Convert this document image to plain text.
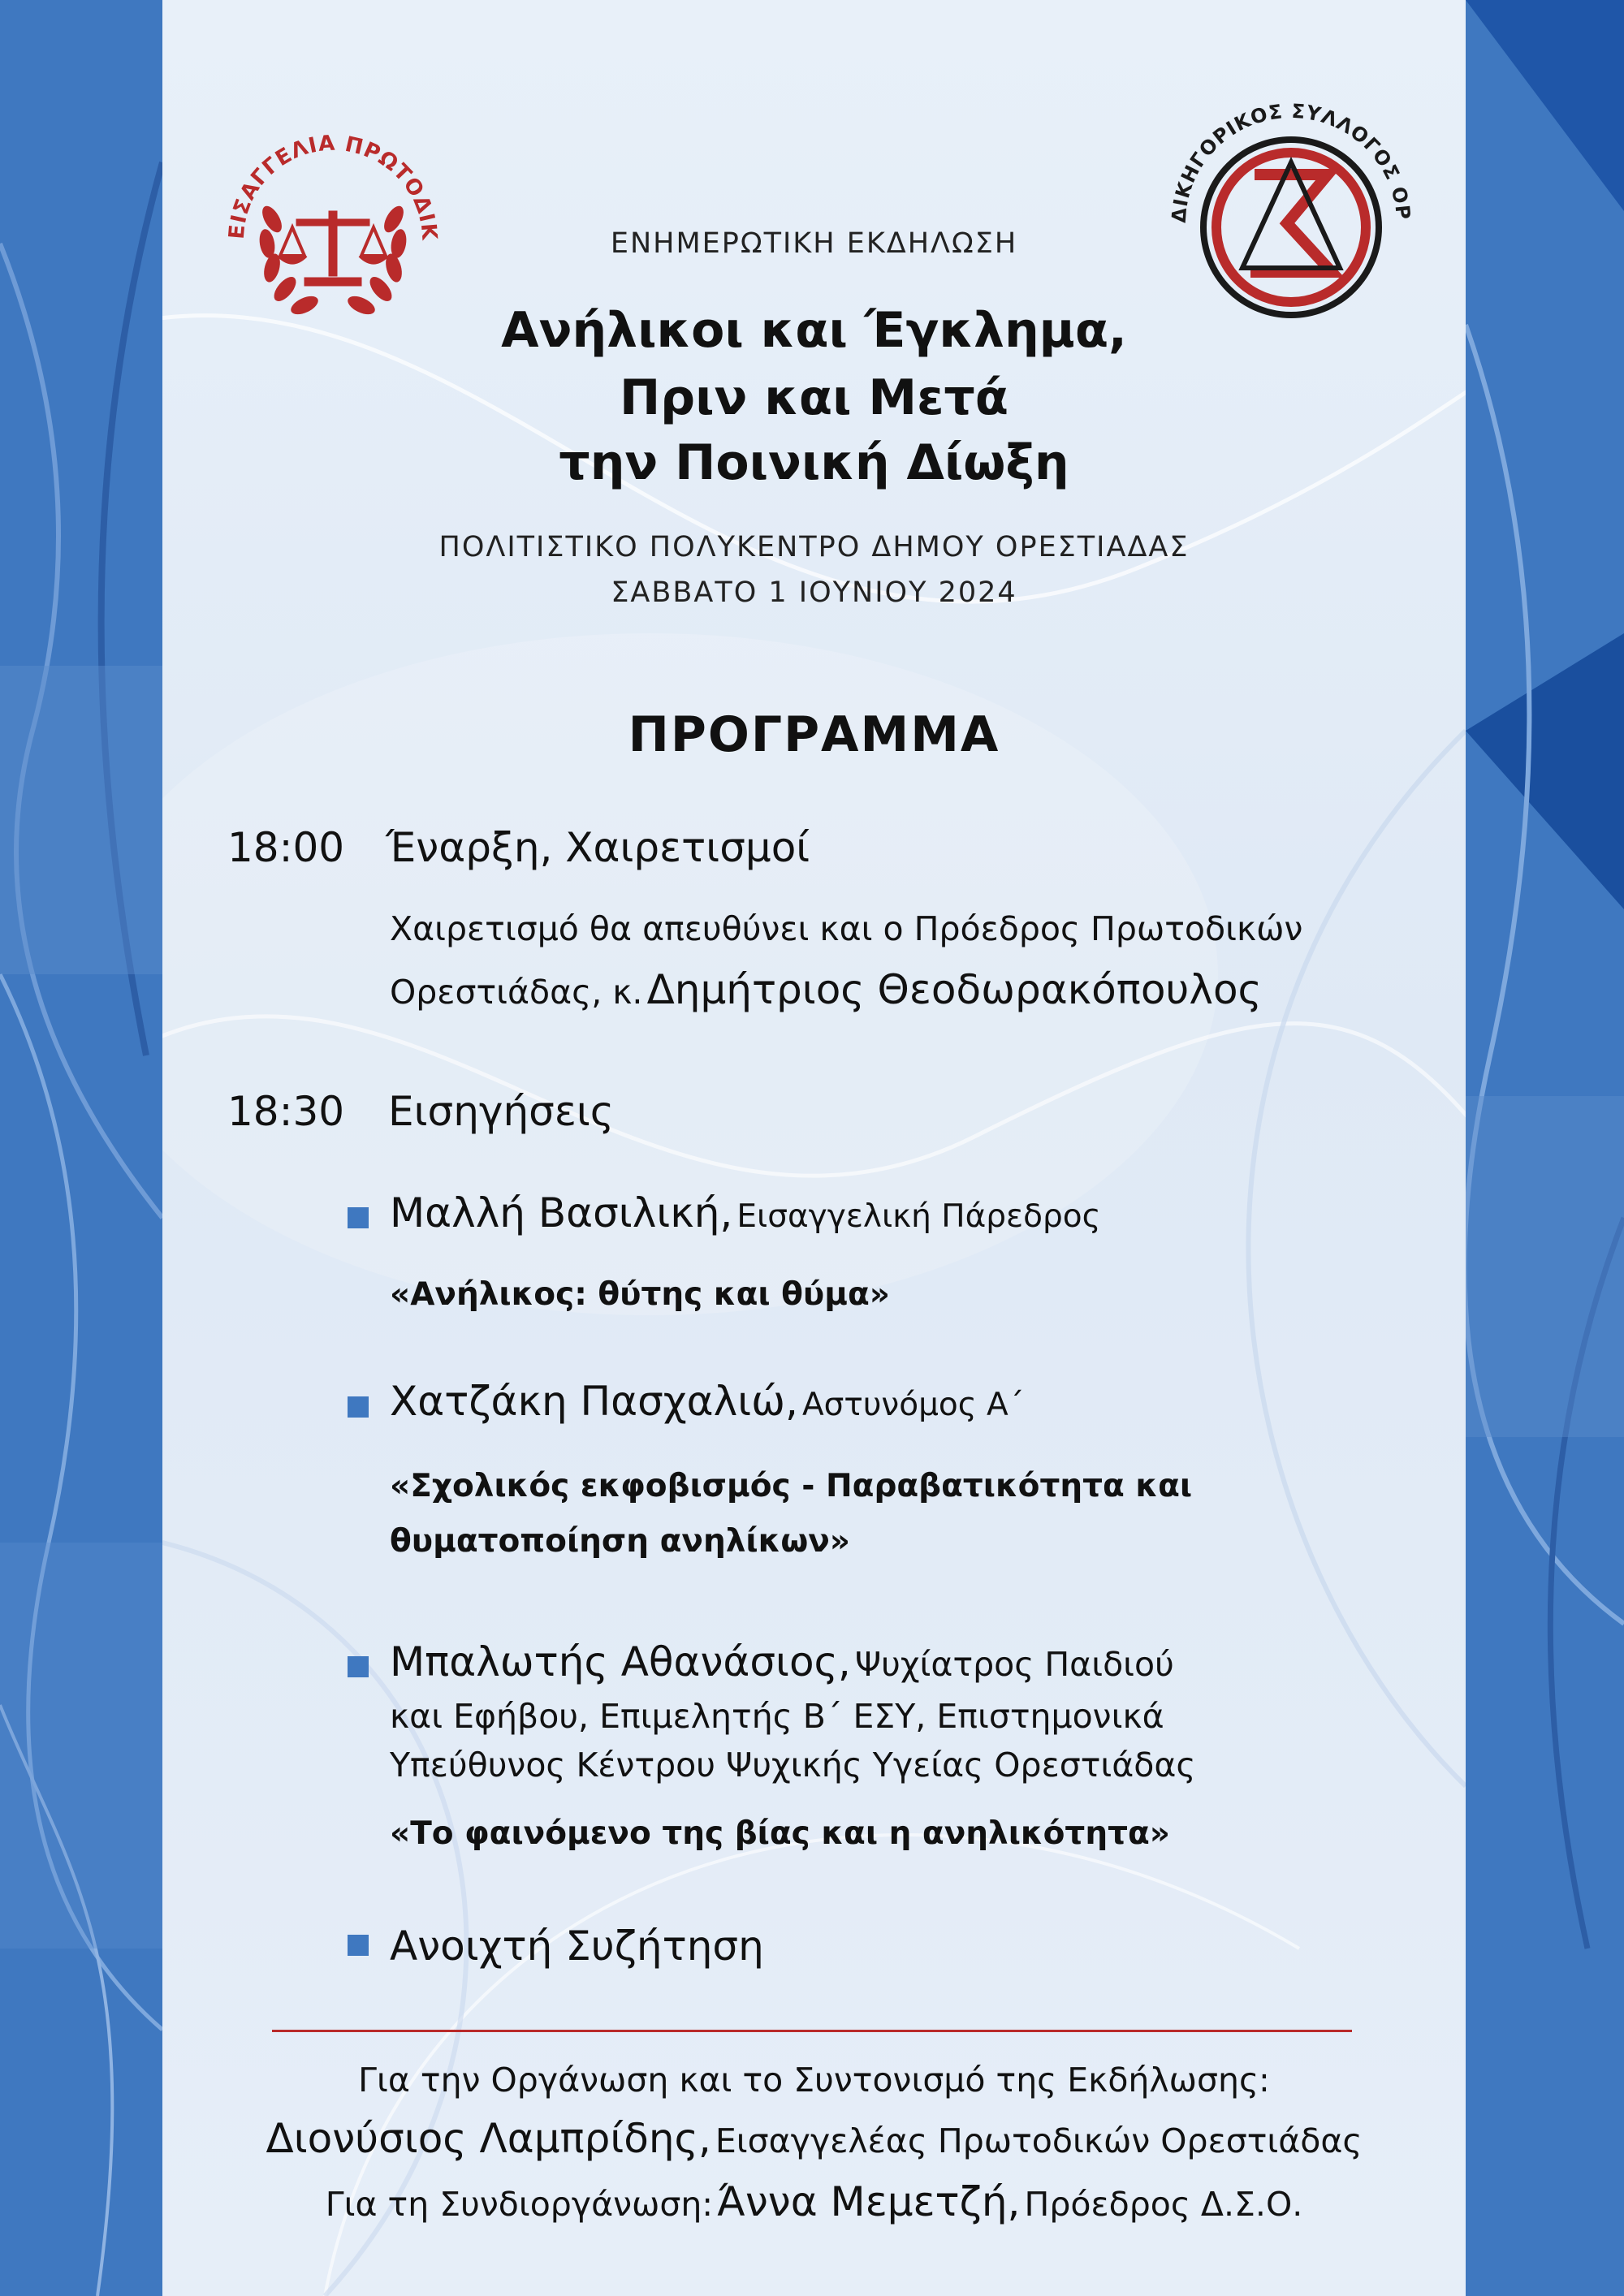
ΕΙΣΑΓΓΕΛΙΑ ΠΡΩΤΟΔΙΚ
ΔΙΚΗΓΟΡΙΚΟΣ ΣΥΛΛΟΓΟΣ ΟΡ
ΕΝΗΜΕΡΩΤΙΚΗ ΕΚΔΗΛΩΣΗ
Ανήλικοι και Έγκλημα,
Πριν και Μετά
την Ποινική Δίωξη
ΠΟΛΙΤΙΣΤΙΚΟ ΠΟΛΥΚΕΝΤΡΟ ΔΗΜΟΥ ΟΡΕΣΤΙΑΔΑΣ
ΣΑΒΒΑΤΟ 1 ΙΟΥΝΙΟΥ 2024
ΠΡΟΓΡΑΜΜΑ
18:00 Έναρξη, Χαιρετισμοί
Χαιρετισμό θα απευθύνει και ο Πρόεδρος Πρωτοδικών
Ορεστιάδας, κ. Δημήτριος Θεοδωρακόπουλος
18:30 Εισηγήσεις
Μαλλή Βασιλική, Εισαγγελική Πάρεδρος
«Ανήλικος: θύτης και θύμα»
Χατζάκη Πασχαλιώ, Αστυνόμος Α΄
«Σχολικός εκφοβισμός - Παραβατικότητα και
θυματοποίηση ανηλίκων»
Μπαλωτής Αθανάσιος, Ψυχίατρος Παιδιού
και Εφήβου, Επιμελητής Β΄ ΕΣΥ, Επιστημονικά
Υπεύθυνος Κέντρου Ψυχικής Υγείας Ορεστιάδας
«Το φαινόμενο της βίας και η ανηλικότητα»
Ανοιχτή Συζήτηση
Για την Οργάνωση και το Συντονισμό της Εκδήλωσης:
Διονύσιος Λαμπρίδης, Εισαγγελέας Πρωτοδικών Ορεστιάδας
Για τη Συνδιοργάνωση: Άννα Μεμετζή, Πρόεδρος Δ.Σ.Ο.
